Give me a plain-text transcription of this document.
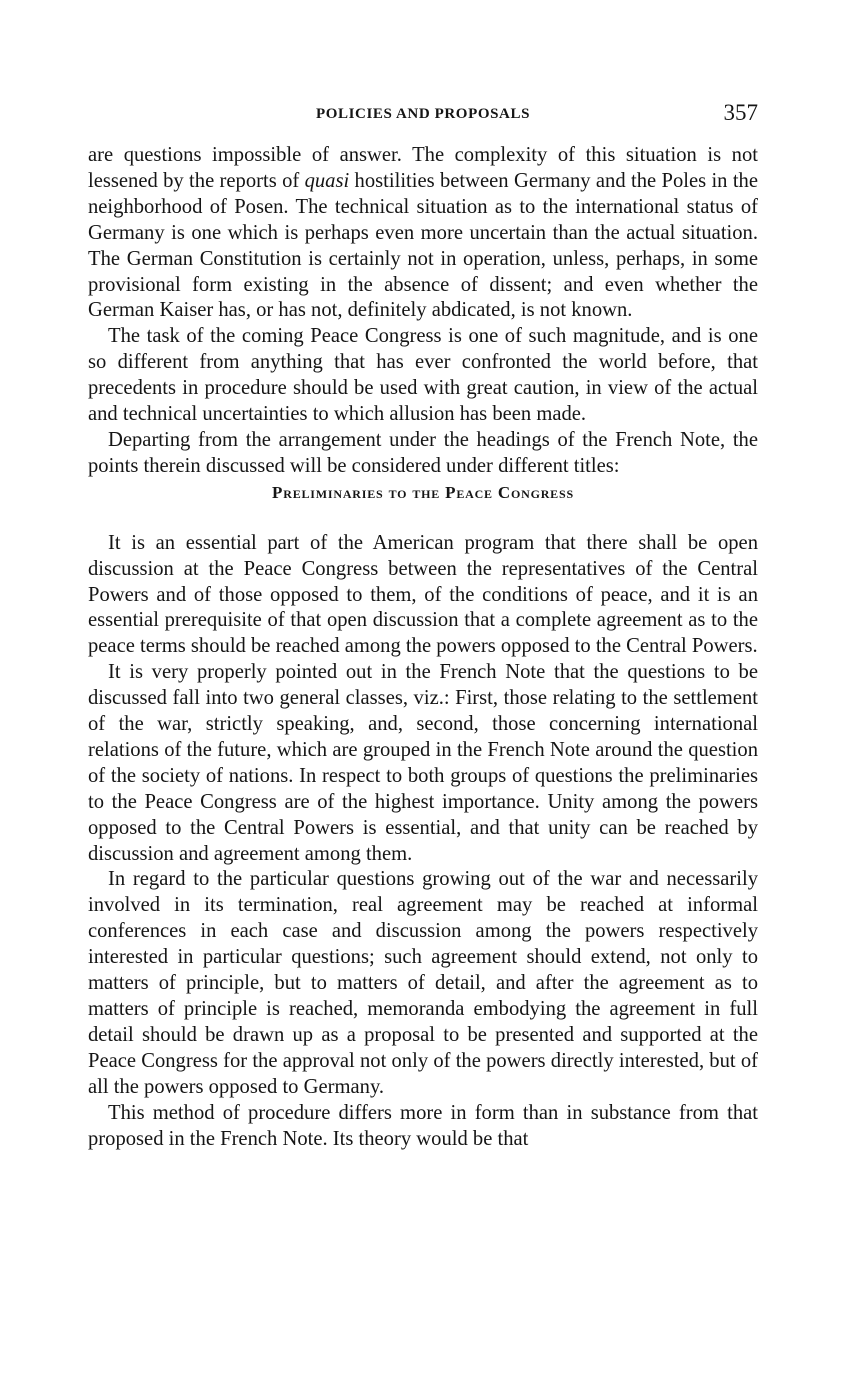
POLICIES AND PROPOSALS	357

are questions impossible of answer. The complexity of this situation is not lessened by the reports of quasi hostilities between Germany and the Poles in the neighborhood of Posen. The technical situation as to the international status of Germany is one which is perhaps even more uncertain than the actual situation. The German Constitution is certainly not in operation, unless, perhaps, in some provisional form existing in the absence of dissent; and even whether the German Kaiser has, or has not, definitely abdicated, is not known.

The task of the coming Peace Congress is one of such magnitude, and is one so different from anything that has ever confronted the world before, that precedents in procedure should be used with great caution, in view of the actual and technical uncertainties to which allusion has been made.

Departing from the arrangement under the headings of the French Note, the points therein discussed will be considered under different titles:

Preliminaries to the Peace Congress

It is an essential part of the American program that there shall be open discussion at the Peace Congress between the representatives of the Central Powers and of those opposed to them, of the conditions of peace, and it is an essential prerequisite of that open discussion that a complete agreement as to the peace terms should be reached among the powers opposed to the Central Powers.

It is very properly pointed out in the French Note that the questions to be discussed fall into two general classes, viz.: First, those relating to the settlement of the war, strictly speaking, and, second, those concerning international relations of the future, which are grouped in the French Note around the question of the society of nations. In respect to both groups of questions the preliminaries to the Peace Congress are of the highest importance. Unity among the powers opposed to the Central Powers is essential, and that unity can be reached by discussion and agreement among them.

In regard to the particular questions growing out of the war and necessarily involved in its termination, real agreement may be reached at informal conferences in each case and discussion among the powers respectively interested in particular questions; such agreement should extend, not only to matters of principle, but to matters of detail, and after the agreement as to matters of principle is reached, memoranda embodying the agreement in full detail should be drawn up as a proposal to be presented and supported at the Peace Congress for the approval not only of the powers directly interested, but of all the powers opposed to Germany.

This method of procedure differs more in form than in substance from that proposed in the French Note. Its theory would be that
